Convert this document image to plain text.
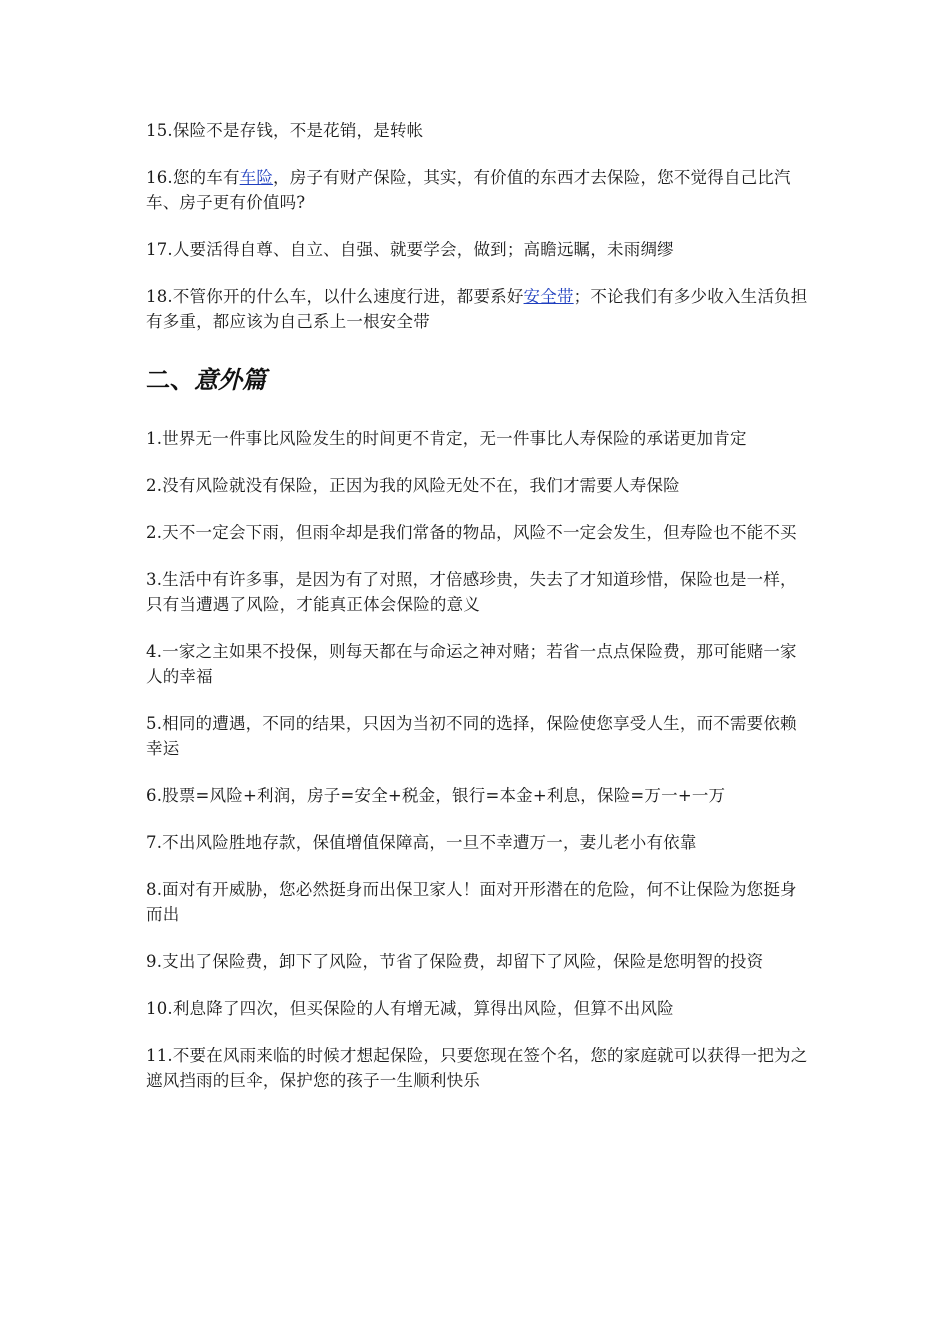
15.保险不是存钱，不是花销，是转帐

16.您的车有车险，房子有财产保险，其实，有价值的东西才去保险，您不觉得自己比汽车、房子更有价值吗?

17.人要活得自尊、自立、自强、就要学会，做到；高瞻远瞩，未雨绸缪

18.不管你开的什么车，以什么速度行进，都要系好安全带；不论我们有多少收入生活负担有多重，都应该为自己系上一根安全带

二、意外篇

1.世界无一件事比风险发生的时间更不肯定，无一件事比人寿保险的承诺更加肯定

2.没有风险就没有保险，正因为我的风险无处不在，我们才需要人寿保险

2.天不一定会下雨，但雨伞却是我们常备的物品，风险不一定会发生，但寿险也不能不买

3.生活中有许多事，是因为有了对照，才倍感珍贵，失去了才知道珍惜，保险也是一样，只有当遭遇了风险，才能真正体会保险的意义

4.一家之主如果不投保，则每天都在与命运之神对赌；若省一点点保险费，那可能赌一家人的幸福

5.相同的遭遇，不同的结果，只因为当初不同的选择，保险使您享受人生，而不需要依赖幸运

6.股票=风险+利润，房子=安全+税金，银行=本金+利息，保险=万一+一万

7.不出风险胜地存款，保值增值保障高，一旦不幸遭万一，妻儿老小有依靠

8.面对有开威胁，您必然挺身而出保卫家人！面对开形潜在的危险，何不让保险为您挺身而出

9.支出了保险费，卸下了风险，节省了保险费，却留下了风险，保险是您明智的投资

10.利息降了四次，但买保险的人有增无减，算得出风险，但算不出风险

11.不要在风雨来临的时候才想起保险，只要您现在签个名，您的家庭就可以获得一把为之遮风挡雨的巨伞，保护您的孩子一生顺利快乐
